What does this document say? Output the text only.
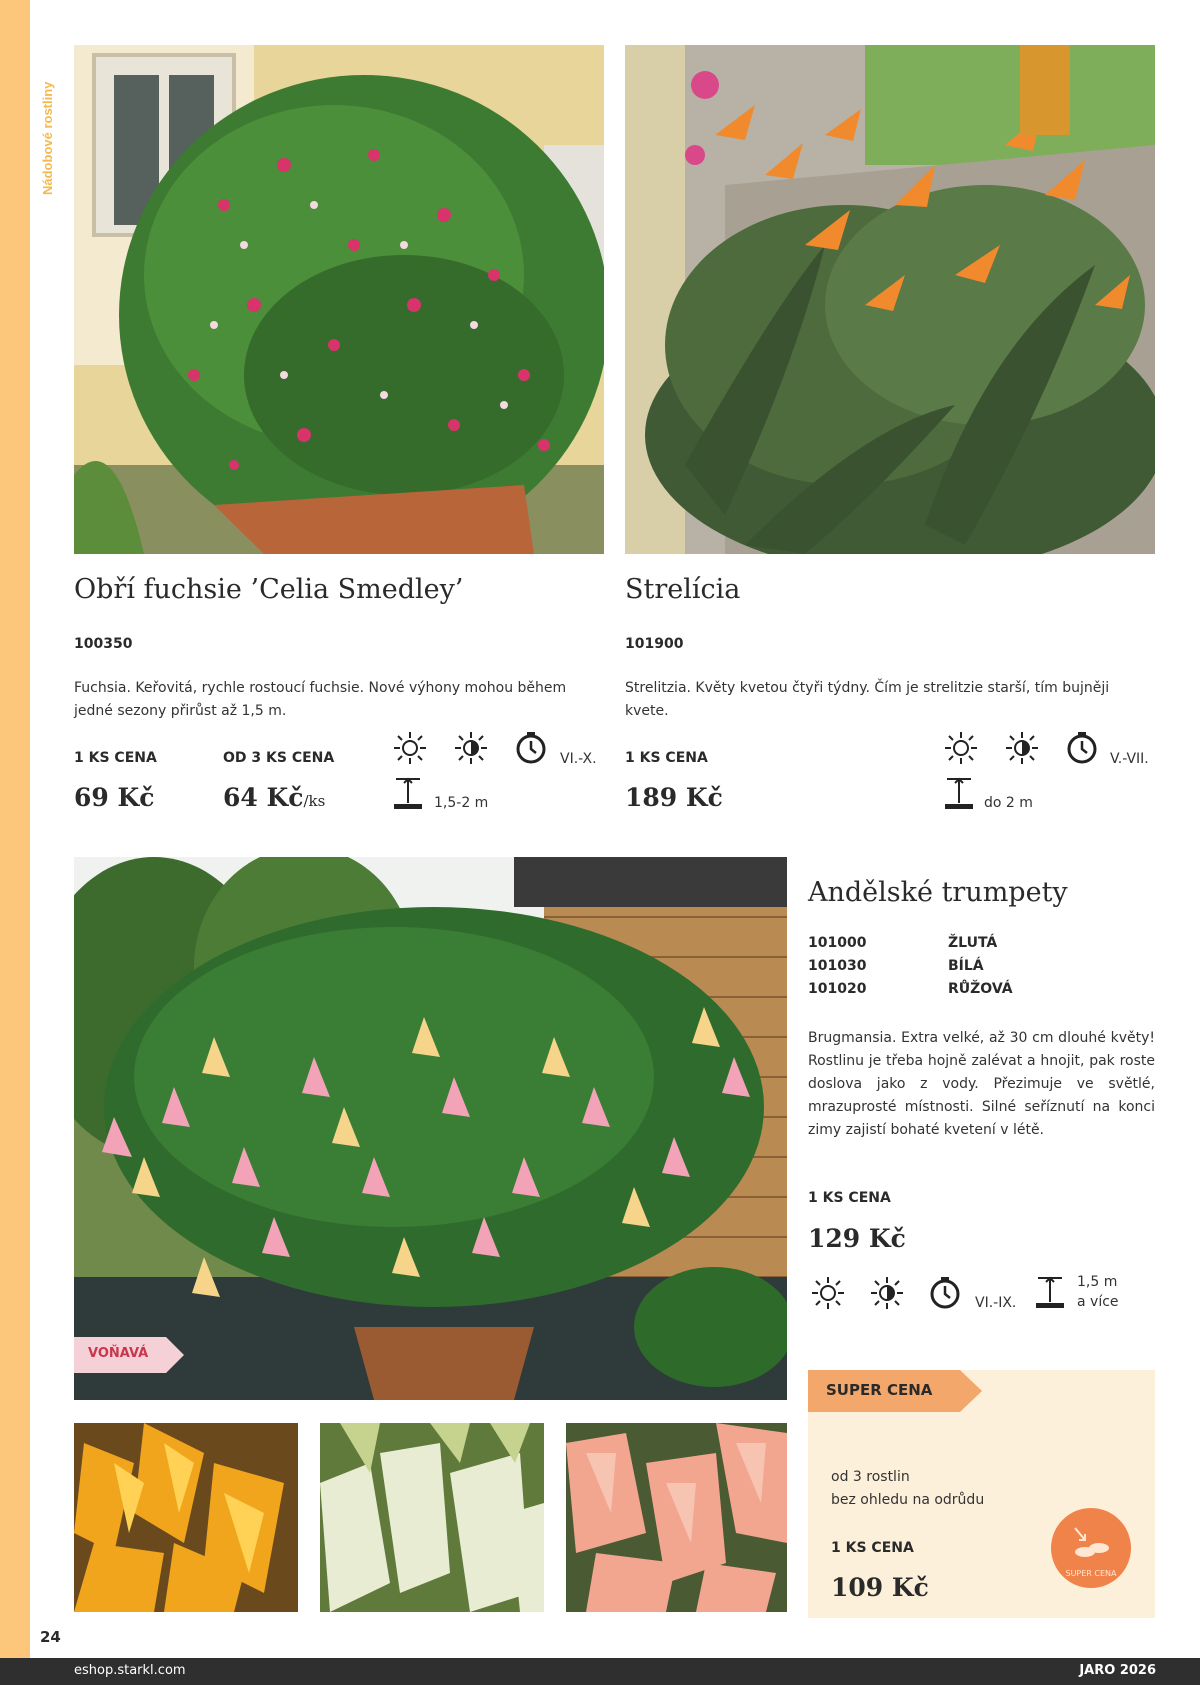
Nádobové rostliny
Obří fuchsie ’Celia Smedley’
100350
Fuchsia. Keřovitá, rychle rostoucí fuchsie. Nové výhony mohou během jedné sezony přirůst až 1,5 m.
1 KS CENA
69 Kč
OD 3 KS CENA
64 Kč/ks
VI.-X.
1,5-2 m
Strelícia
101900
Strelitzia. Květy kvetou čtyři týdny. Čím je strelitzie starší, tím bujněji kvete.
1 KS CENA
189 Kč
V.-VII.
do 2 m
VOŇAVÁ
Andělské trumpety
101000	ŽLUTÁ
101030	BÍLÁ
101020	RŮŽOVÁ
Brugmansia. Extra velké, až 30 cm dlouhé květy! Rostlinu je třeba hojně zalévat a hnojit, pak roste doslova jako z vody. Přezimuje ve světlé, mrazuprosté místnosti. Silné seříznutí na konci zimy zajistí bohaté kvetení v létě.
1 KS CENA
129 Kč
VI.-IX.
1,5 m
a více
SUPER CENA
od 3 rostlin
bez ohledu na odrůdu
1 KS CENA
109 Kč	SUPER CENA
24
eshop.starkl.com	JARO 2026
